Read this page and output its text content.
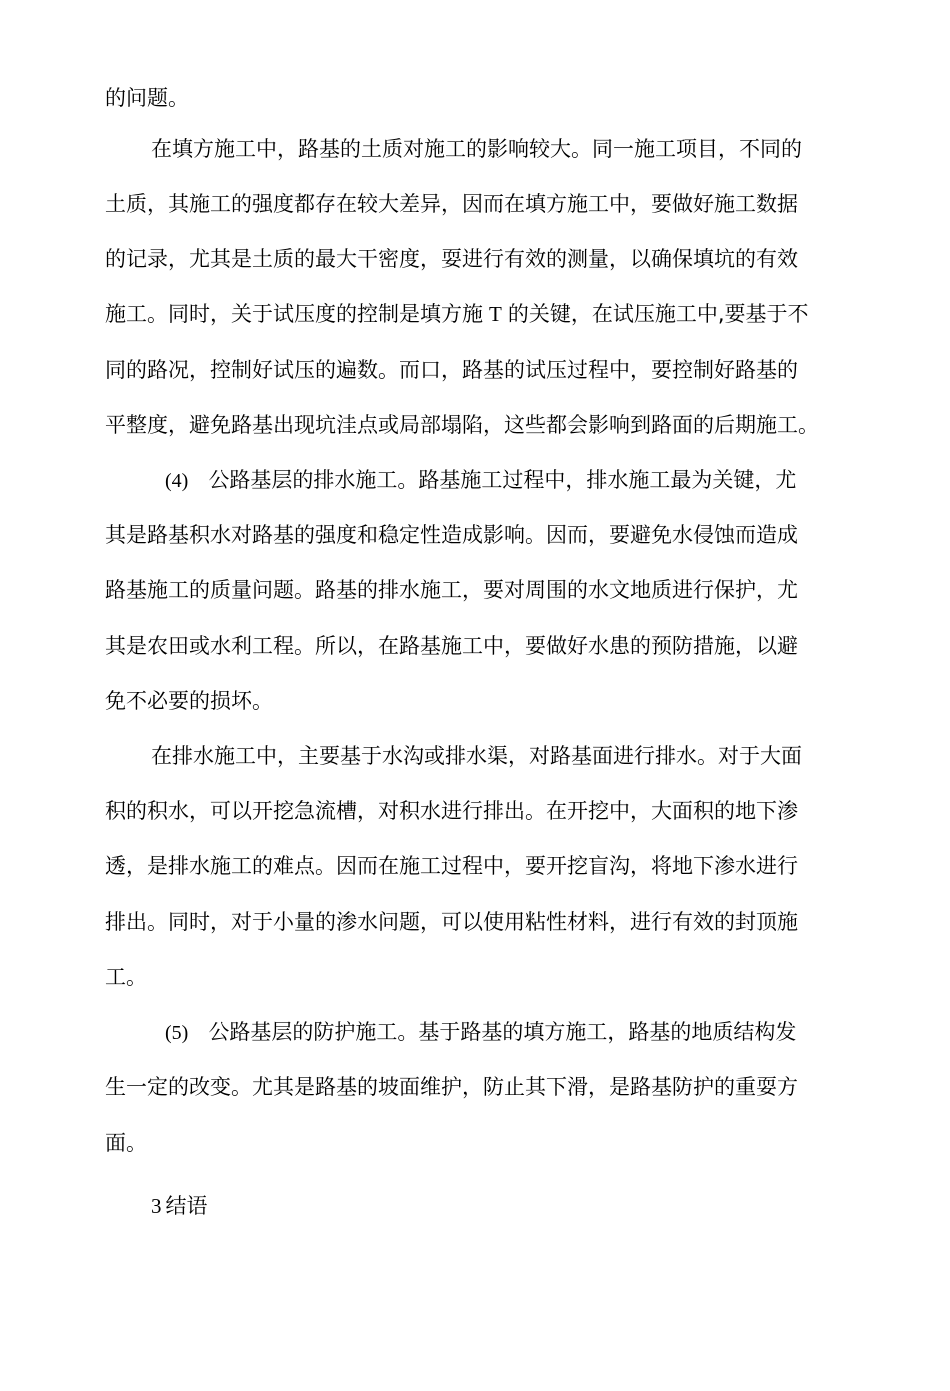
的问题。
在填方施工中，路基的土质对施工的影响较大。同一施工项目，不同的
土质，其施工的强度都存在较大差异，因而在填方施工中，要做好施工数据
的记录，尤其是土质的最大干密度，耍进行有效的测量，以确保填坑的有效
施工。同时，关于试压度的控制是填方施 T 的关键，在试压施工中,要基于不
同的路况，控制好试压的遍数。而口，路基的试压过程中，要控制好路基的
平整度，避免路基出现坑洼点或局部塌陷，这些都会影响到路面的后期施工。
(4) 公路基层的排水施工。路基施工过程中，排水施工最为关键，尤
其是路基积水对路基的强度和稳定性造成影响。因而，要避免水侵蚀而造成
路基施工的质量问题。路基的排水施工，要对周围的水文地质进行保护，尤
其是农田或水利工程。所以，在路基施工中，要做好水患的预防措施，以避
免不必要的损坏。
在排水施工中，主要基于水沟或排水渠，对路基面进行排水。对于大面
积的积水，可以开挖急流槽，对积水进行排出。在开挖中，大面积的地下渗
透，是排水施工的难点。因而在施工过程中，要开挖盲沟，将地下渗水进行
排出。同时，对于小量的渗水问题，可以使用粘性材料，进行有效的封顶施
工。
(5) 公路基层的防护施工。基于路基的填方施工，路基的地质结构发
生一定的改变。尤其是路基的坡面维护，防止其下滑，是路基防护的重耍方
面。
3 结语
